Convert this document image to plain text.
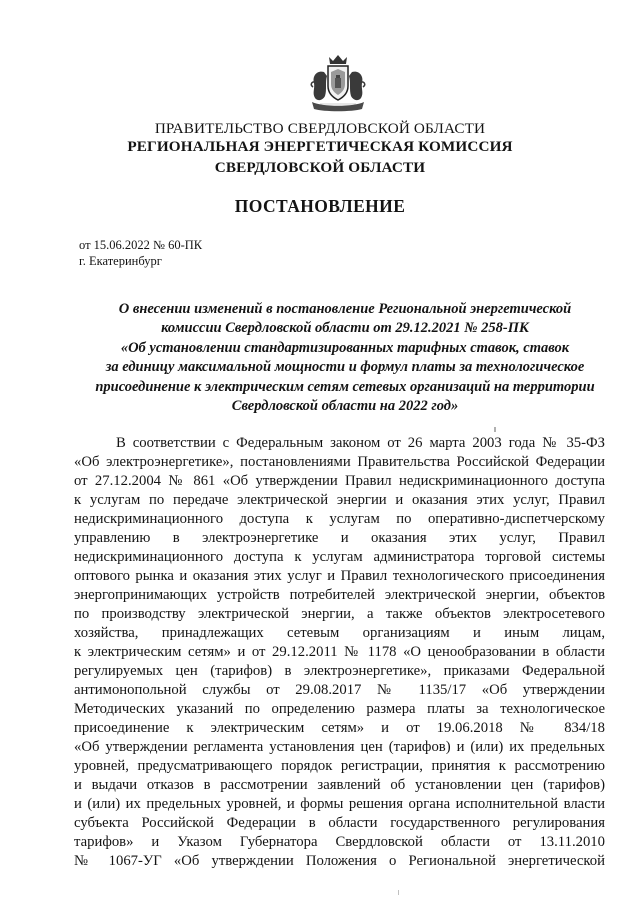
ПРАВИТЕЛЬСТВО СВЕРДЛОВСКОЙ ОБЛАСТИ
РЕГИОНАЛЬНАЯ ЭНЕРГЕТИЧЕСКАЯ КОМИССИЯ
СВЕРДЛОВСКОЙ ОБЛАСТИ
ПОСТАНОВЛЕНИЕ
от 15.06.2022 № 60-ПК
г. Екатеринбург
О внесении изменений в постановление Региональной энергетической
комиссии Свердловской области от 29.12.2021 № 258-ПК
«Об установлении стандартизированных тарифных ставок, ставок
за единицу максимальной мощности и формул платы за технологическое
присоединение к электрическим сетям сетевых организаций на территории
Свердловской области на 2022 год»
В соответствии с Федеральным законом от 26 марта 2003 года № 35-ФЗ
«Об электроэнергетике», постановлениями Правительства Российской Федерации
от 27.12.2004 № 861 «Об утверждении Правил недискриминационного доступа
к услугам по передаче электрической энергии и оказания этих услуг, Правил
недискриминационного доступа к услугам по оперативно-диспетчерскому
управлению в электроэнергетике и оказания этих услуг, Правил
недискриминационного доступа к услугам администратора торговой системы
оптового рынка и оказания этих услуг и Правил технологического присоединения
энергопринимающих устройств потребителей электрической энергии, объектов
по производству электрической энергии, а также объектов электросетевого
хозяйства, принадлежащих сетевым организациям и иным лицам,
к электрическим сетям» и от 29.12.2011 № 1178 «О ценообразовании в области
регулируемых цен (тарифов) в электроэнергетике», приказами Федеральной
антимонопольной службы от 29.08.2017 № 1135/17 «Об утверждении
Методических указаний по определению размера платы за технологическое
присоединение к электрическим сетям» и от 19.06.2018 № 834/18
«Об утверждении регламента установления цен (тарифов) и (или) их предельных
уровней, предусматривающего порядок регистрации, принятия к рассмотрению
и выдачи отказов в рассмотрении заявлений об установлении цен (тарифов)
и (или) их предельных уровней, и формы решения органа исполнительной власти
субъекта Российской Федерации в области государственного регулирования
тарифов» и Указом Губернатора Свердловской области от 13.11.2010
№ 1067-УГ «Об утверждении Положения о Региональной энергетической
